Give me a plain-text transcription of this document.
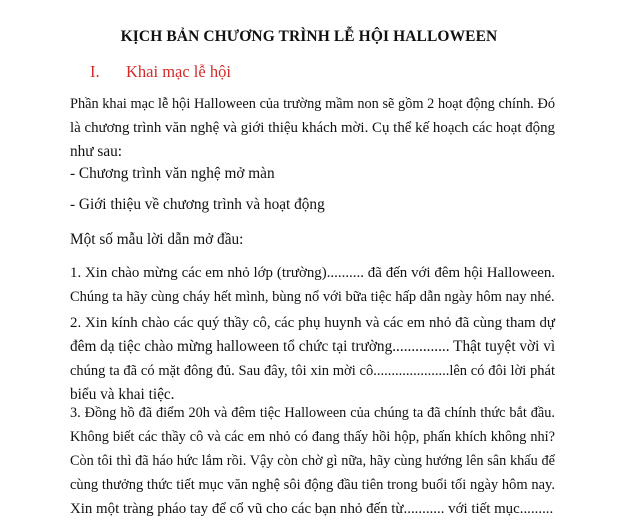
KỊCH BẢN CHƯƠNG TRÌNH LỄ HỘI HALLOWEEN
I. Khai mạc lễ hội
Phần khai mạc lễ hội Halloween của trường mầm non sẽ gồm 2 hoạt động chính. Đó
là chương trình văn nghệ và giới thiệu khách mời. Cụ thể kế hoạch các hoạt động
như sau:
- Chương trình văn nghệ mở màn
- Giới thiệu về chương trình và hoạt động
Một số mẫu lời dẫn mở đầu:
1. Xin chào mừng các em nhỏ lớp (trường).......... đã đến với đêm hội Halloween.
Chúng ta hãy cùng cháy hết mình, bùng nổ với bữa tiệc hấp dẫn ngày hôm nay nhé.
2. Xin kính chào các quý thầy cô, các phụ huynh và các em nhỏ đã cùng tham dự
đêm dạ tiệc chào mừng halloween tổ chức tại trường............... Thật tuyệt vời vì
chúng ta đã có mặt đông đủ. Sau đây, tôi xin mời cô.....................lên có đôi lời phát
biểu và khai tiệc.
3. Đồng hồ đã điểm 20h và đêm tiệc Halloween của chúng ta đã chính thức bắt đầu.
Không biết các thầy cô và các em nhỏ có đang thấy hồi hộp, phấn khích không nhỉ?
Còn tôi thì đã háo hức lắm rồi. Vậy còn chờ gì nữa, hãy cùng hướng lên sân khấu để
cùng thưởng thức tiết mục văn nghệ sôi động đầu tiên trong buổi tối ngày hôm nay.
Xin một tràng pháo tay để cổ vũ cho các bạn nhỏ đến từ........... với tiết mục.........
